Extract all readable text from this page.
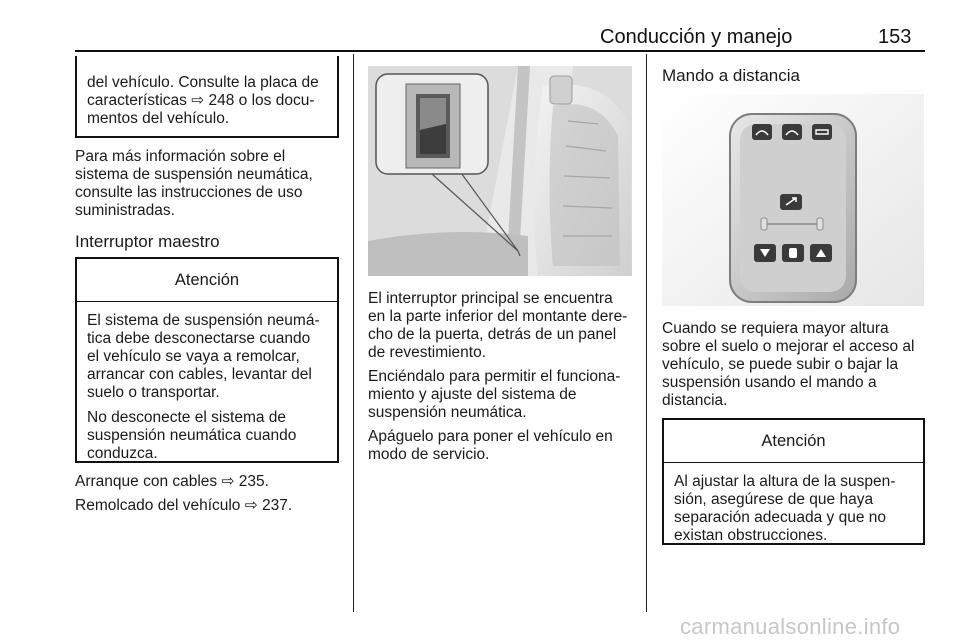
Conducción y manejo	153
del vehículo. Consulte la placa de
características ⇨ 248 o los docu-
mentos del vehículo.
Para más información sobre el
sistema de suspensión neumática,
consulte las instrucciones de uso
suministradas.
Interruptor maestro
Atención
El sistema de suspensión neumá-
tica debe desconectarse cuando
el vehículo se vaya a remolcar,
arrancar con cables, levantar del
suelo o transportar.
No desconecte el sistema de
suspensión neumática cuando
conduzca.
Arranque con cables ⇨ 235.
Remolcado del vehículo ⇨ 237.
El interruptor principal se encuentra
en la parte inferior del montante dere-
cho de la puerta, detrás de un panel
de revestimiento.
Enciéndalo para permitir el funciona-
miento y ajuste del sistema de
suspensión neumática.
Apáguelo para poner el vehículo en
modo de servicio.
Mando a distancia
Cuando se requiera mayor altura
sobre el suelo o mejorar el acceso al
vehículo, se puede subir o bajar la
suspensión usando el mando a
distancia.
Atención
Al ajustar la altura de la suspen-
sión, asegúrese de que haya
separación adecuada y que no
existan obstrucciones.
carmanualsonline.info
